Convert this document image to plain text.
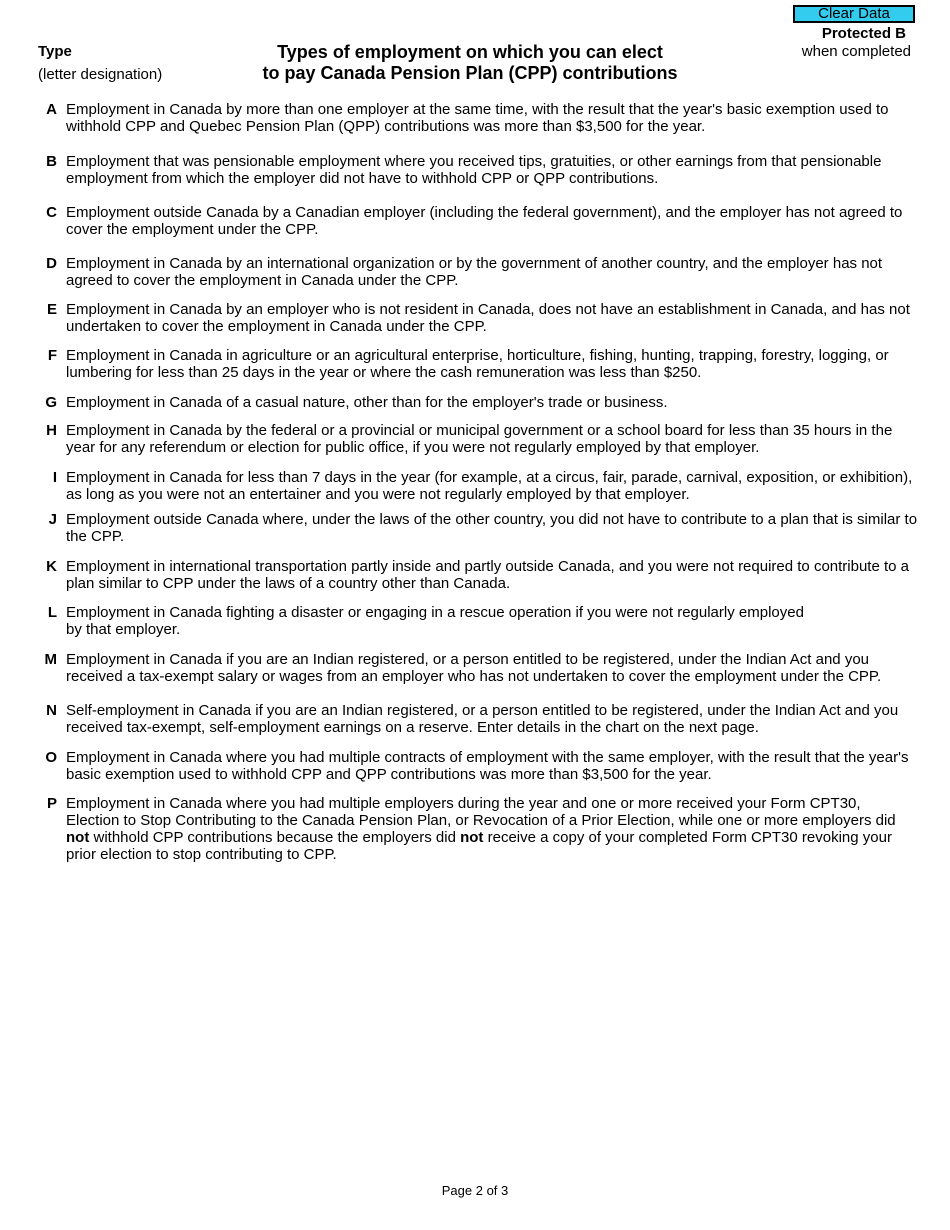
Clear Data
Protected B
when completed
Type
(letter designation)
Types of employment on which you can elect
to pay Canada Pension Plan (CPP) contributions
A Employment in Canada by more than one employer at the same time, with the result that the year's basic exemption used to withhold CPP and Quebec Pension Plan (QPP) contributions was more than $3,500 for the year.
B Employment that was pensionable employment where you received tips, gratuities, or other earnings from that pensionable employment from which the employer did not have to withhold CPP or QPP contributions.
C Employment outside Canada by a Canadian employer (including the federal government), and the employer has not agreed to cover the employment under the CPP.
D Employment in Canada by an international organization or by the government of another country, and the employer has not agreed to cover the employment in Canada under the CPP.
E Employment in Canada by an employer who is not resident in Canada, does not have an establishment in Canada, and has not undertaken to cover the employment in Canada under the CPP.
F Employment in Canada in agriculture or an agricultural enterprise, horticulture, fishing, hunting, trapping, forestry, logging, or lumbering for less than 25 days in the year or where the cash remuneration was less than $250.
G Employment in Canada of a casual nature, other than for the employer's trade or business.
H Employment in Canada by the federal or a provincial or municipal government or a school board for less than 35 hours in the year for any referendum or election for public office, if you were not regularly employed by that employer.
I Employment in Canada for less than 7 days in the year (for example, at a circus, fair, parade, carnival, exposition, or exhibition), as long as you were not an entertainer and you were not regularly employed by that employer.
J Employment outside Canada where, under the laws of the other country, you did not have to contribute to a plan that is similar to the CPP.
K Employment in international transportation partly inside and partly outside Canada, and you were not required to contribute to a plan similar to CPP under the laws of a country other than Canada.
L Employment in Canada fighting a disaster or engaging in a rescue operation if you were not regularly employed
by that employer.
M Employment in Canada if you are an Indian registered, or a person entitled to be registered, under the Indian Act and you received a tax-exempt salary or wages from an employer who has not undertaken to cover the employment under the CPP.
N Self-employment in Canada if you are an Indian registered, or a person entitled to be registered, under the Indian Act and you received tax-exempt, self-employment earnings on a reserve. Enter details in the chart on the next page.
O Employment in Canada where you had multiple contracts of employment with the same employer, with the result that the year's basic exemption used to withhold CPP and QPP contributions was more than $3,500 for the year.
P Employment in Canada where you had multiple employers during the year and one or more received your Form CPT30, Election to Stop Contributing to the Canada Pension Plan, or Revocation of a Prior Election, while one or more employers did not withhold CPP contributions because the employers did not receive a copy of your completed Form CPT30 revoking your prior election to stop contributing to CPP.
Page 2 of 3
